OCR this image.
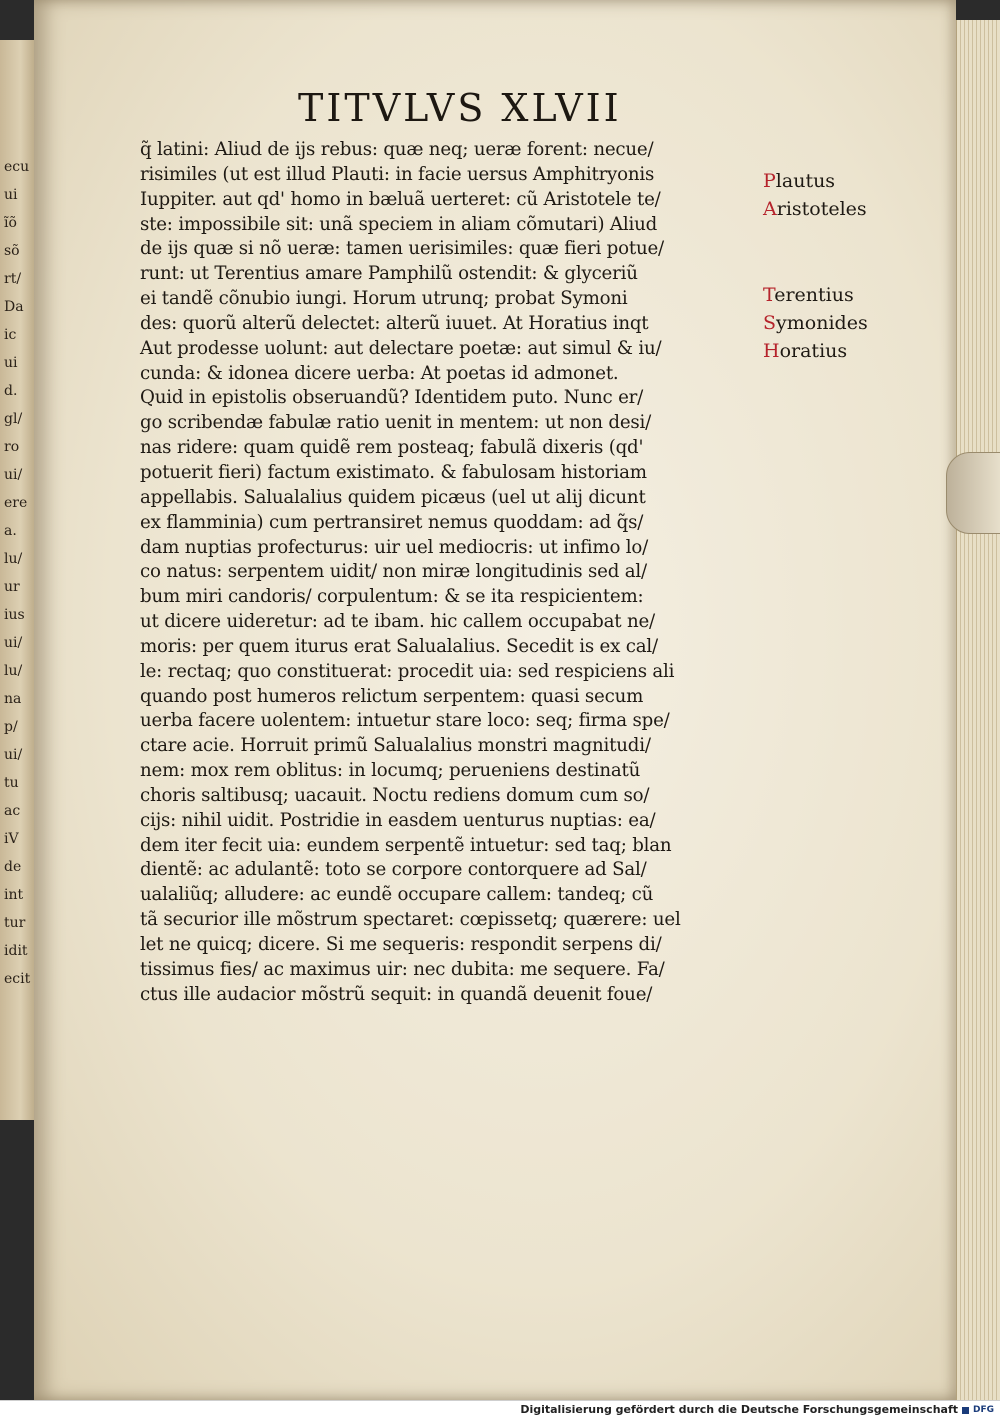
ecu
ui
ĩõ
sõ
rt/
Da
ic
ui
d.
gl/
ro
ui/
ere
a.
lu/
ur
ius
ui/
lu/
na
p/
ui/
tu
ac
iV
de
int
tur
idit
ecit
TITVLVS XLVII
q̃ latini: Aliud de ijs rebus: quæ neq; ueræ forent: necue/
risimiles (ut est illud Plauti: in facie uersus Amphitryonis
Iuppiter. aut qd' homo in bæluã uerteret: cũ Aristotele te/
ste: impossibile sit: unã speciem in aliam cõmutari) Aliud
de ijs quæ si nõ ueræ: tamen uerisimiles: quæ fieri potue/
runt: ut Terentius amare Pamphilũ ostendit: & glyceriũ
ei tandẽ cõnubio iungi. Horum utrunq; probat Symoni
des: quorũ alterũ delectet: alterũ iuuet. At Horatius inqt
Aut prodesse uolunt: aut delectare poetæ: aut simul & iu/
cunda: & idonea dicere uerba: At poetas id admonet.
Quid in epistolis obseruandũ? Identidem puto. Nunc er/
go scribendæ fabulæ ratio uenit in mentem: ut non desi/
nas ridere: quam quidẽ rem posteaq; fabulã dixeris (qd'
potuerit fieri) factum existimato. & fabulosam historiam
appellabis. Salualalius quidem picæus (uel ut alij dicunt
ex flamminia) cum pertransiret nemus quoddam: ad q̃s/
dam nuptias profecturus: uir uel mediocris: ut infimo lo/
co natus: serpentem uidit/ non miræ longitudinis sed al/
bum miri candoris/ corpulentum: & se ita respicientem:
ut dicere uideretur: ad te ibam. hic callem occupabat ne/
moris: per quem iturus erat Salualalius. Secedit is ex cal/
le: rectaq; quo constituerat: procedit uia: sed respiciens ali
quando post humeros relictum serpentem: quasi secum
uerba facere uolentem: intuetur stare loco: seq; firma spe/
ctare acie. Horruit primũ Salualalius monstri magnitudi/
nem: mox rem oblitus: in locumq; perueniens destinatũ
choris saltibusq; uacauit. Noctu rediens domum cum so/
cijs: nihil uidit. Postridie in easdem uenturus nuptias: ea/
dem iter fecit uia: eundem serpentẽ intuetur: sed taq; blan
dientẽ: ac adulantẽ: toto se corpore contorquere ad Sal/
ualaliũq; alludere: ac eundẽ occupare callem: tandeq; cũ
tã securior ille mõstrum spectaret: cœpissetq; quærere: uel
let ne quicq; dicere. Si me sequeris: respondit serpens di/
tissimus fies/ ac maximus uir: nec dubita: me sequere. Fa/
ctus ille audacior mõstrũ sequit: in quandã deuenit foue/
Plautus
Aristoteles
Terentius
Symonides
Horatius
Digitalisierung gefördert durch die Deutsche Forschungsgemeinschaft	DFG
